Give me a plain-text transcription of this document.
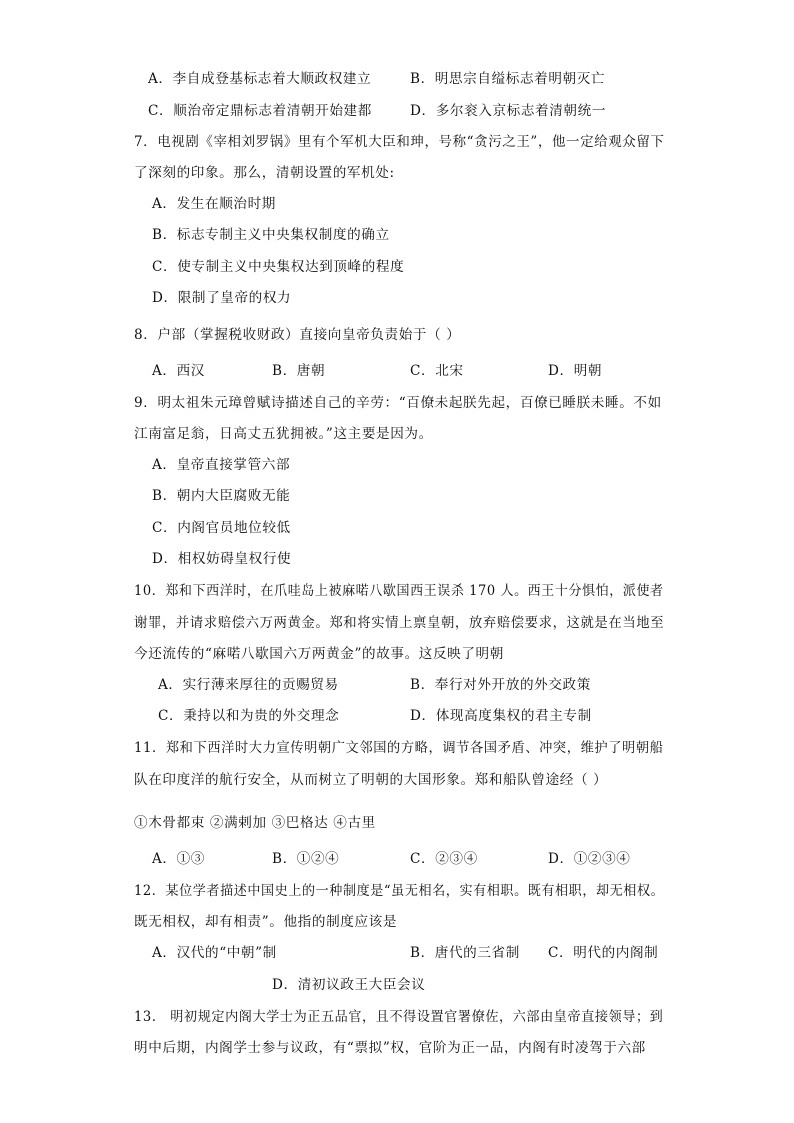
A．李自成登基标志着大顺政权建立	B．明思宗自缢标志着明朝灭亡
C．顺治帝定鼎标志着清朝开始建都	D．多尔衮入京标志着清朝统一
7．电视剧《宰相刘罗锅》里有个军机大臣和珅，号称“贪污之王”，他一定给观众留下
了深刻的印象。那么，清朝设置的军机处:
A．发生在顺治时期
B．标志专制主义中央集权制度的确立
C．使专制主义中央集权达到顶峰的程度
D．限制了皇帝的权力
8．户部（掌握税收财政）直接向皇帝负责始于（ ）
A．西汉	B．唐朝	C．北宋	D．明朝
9．明太祖朱元璋曾赋诗描述自己的辛劳：“百僚未起朕先起，百僚已睡朕未睡。不如
江南富足翁，日高丈五犹拥被。”这主要是因为。
A．皇帝直接掌管六部
B．朝内大臣腐败无能
C．内阁官员地位较低
D．相权妨碍皇权行使
10．郑和下西洋时，在爪哇岛上被麻喏八歇国西王误杀 170 人。西王十分惧怕，派使者
谢罪，并请求赔偿六万两黄金。郑和将实情上禀皇朝，放弃赔偿要求，这就是在当地至
今还流传的“麻喏八歇国六万两黄金”的故事。这反映了明朝
A．实行薄来厚往的贡赐贸易	B．奉行对外开放的外交政策
C．秉持以和为贵的外交理念	D．体现高度集权的君主专制
11．郑和下西洋时大力宣传明朝广文邻国的方略，调节各国矛盾、冲突，维护了明朝船
队在印度洋的航行安全，从而树立了明朝的大国形象。郑和船队曾途经（ ）
①木骨都束 ②满剌加 ③巴格达 ④古里
A．①③	B．①②④	C．②③④	D．①②③④
12．某位学者描述中国史上的一种制度是“虽无相名，实有相职。既有相职，却无相权。
既无相权，却有相责”。他指的制度应该是
A．汉代的“中朝”制	B．唐代的三省制 C．明代的内阁制
D．清初议政王大臣会议
13． 明初规定内阁大学士为正五品官，且不得设置官署僚佐，六部由皇帝直接领导；到
明中后期，内阁学士参与议政，有“票拟”权，官阶为正一品，内阁有时凌驾于六部
